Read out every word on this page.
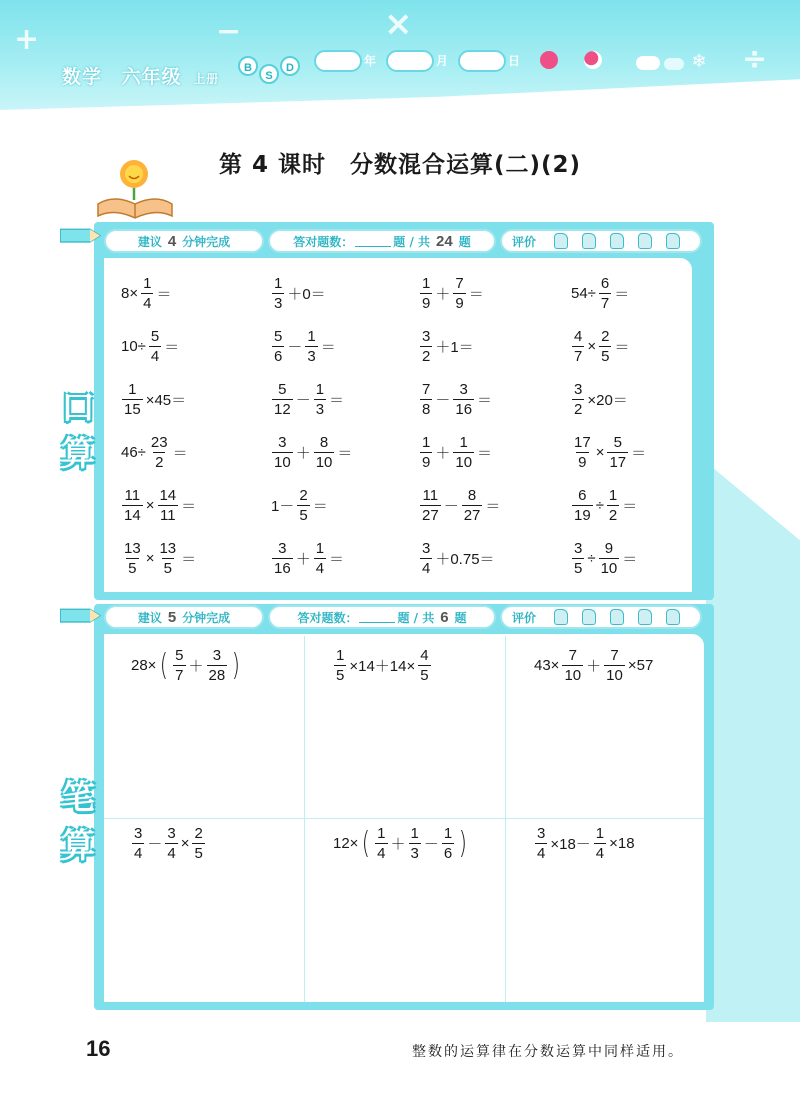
+	−	×
÷
数学 六年级 上册
B
S
D	年	月	日	❄
第 4 课时　分数混合运算(二)(2)
建议 4 分钟完成	答对题数：	题 / 共 24 题	评价
口
算
$8\times \frac{1}{4}$ ＝	$\frac{1}{3} +0=$	$\frac{1}{9} + \frac{7}{9}$ ＝	$54\div \frac{6}{7}$ ＝
$10\div \frac{5}{4}$ ＝	$\frac{5}{6} - \frac{1}{3}$ ＝	$\frac{3}{2} +1=$	$\frac{4}{7} \times \frac{2}{5}$ ＝
$\frac{1}{15} \times 45=$	$\frac{5}{12} - \frac{1}{3}$ ＝	$\frac{7}{8} - \frac{3}{16}$ ＝	$\frac{3}{2} \times 20=$
$46\div \frac{23}{2}$ ＝	$\frac{3}{10} + \frac{8}{10}$ ＝	$\frac{1}{9} + \frac{1}{10}$ ＝	$\frac{17}{9} \times \frac{5}{17}$ ＝
$\frac{11}{14} \times \frac{14}{11}$ ＝	$1- \frac{2}{5}$ ＝	$\frac{11}{27} - \frac{8}{27}$ ＝	$\frac{6}{19} \div \frac{1}{2}$ ＝
$\frac{13}{5} \times \frac{13}{5}$ ＝	$\frac{3}{16} + \frac{1}{4}$ ＝	$\frac{3}{4} +0.75=$	$\frac{3}{5} \div \frac{9}{10}$ ＝
建议 5 分钟完成	答对题数：	题 / 共 6 题	评价
笔
算
28× ( $\frac{5}{7} + \frac{3}{28}$ )	$\frac{1}{5} \times 14+14\times \frac{4}{5}$	$43\times \frac{7}{10} + \frac{7}{10} \times 57$
$\frac{3}{4} - \frac{3}{4} \times \frac{2}{5}$	12× ( $\frac{1}{4} + \frac{1}{3} - \frac{1}{6}$ )	$\frac{3}{4} \times 18- \frac{1}{4} \times 18$
16	整数的运算律在分数运算中同样适用。
